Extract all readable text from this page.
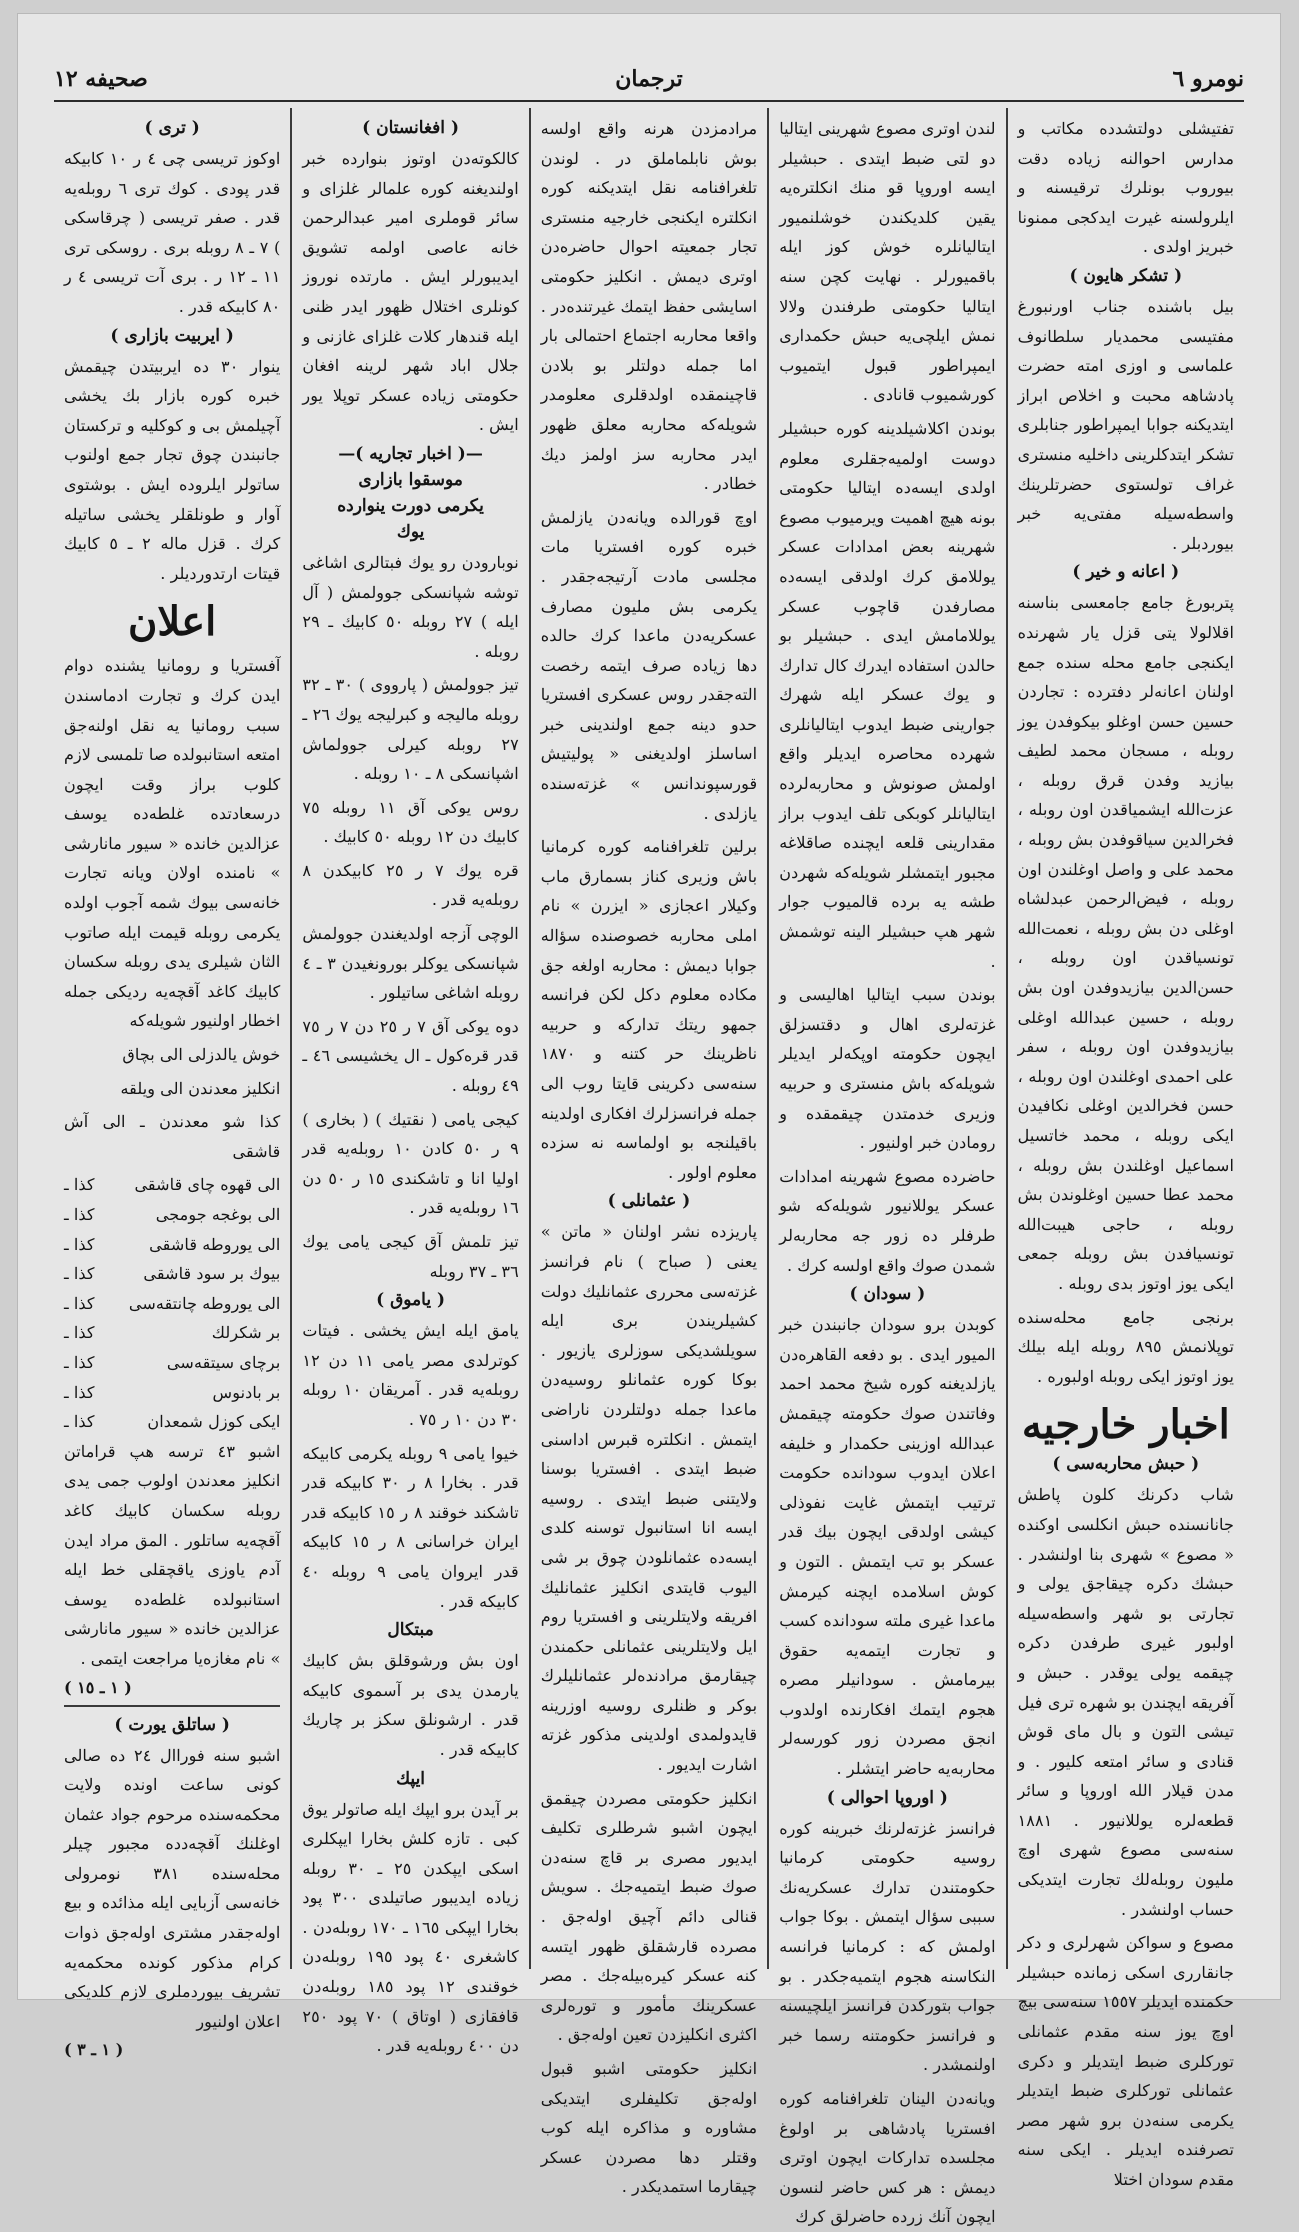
نومرو ٦
ترجمان
صحيفه ١٢

تفتيشلی دولتشدده مكاتب و مدارس احوالنه زياده دقت بيوروب بونلرك ترقيسنه و ايلرولسنه غيرت ايدكجی ممنونا خبريز اولدی .

( تشكر هايون )

بيل باشنده جناب اورنبورغ مفتيسی محمديار سلطانوف علماسی و اوزی امته حضرت پادشاهه محبت و اخلاص ابراز ايتديكنه جوابا ايمپراطور جنابلری تشكر ايتدكلرينی داخليه منستری غراف تولستوی حضرتلرينك واسطه‌سيله مفتی‌يه خبر بيوردبلر .

( اعانه و خير )

پتربورغ جامع جامعسی بناسنه اقلالولا يتی قزل يار شهرنده ايكنجی جامع محله سنده جمع اولنان اعانه‌لر دفترده : تجاردن حسين حسن اوغلو بيكوفدن يوز روبله ، مسجان محمد لطيف بيازيد وفدن قرق روبله ، عزت‌الله ايشمياقدن اون روبله ، فخرالدين سياقوفدن بش روبله ، محمد علی و واصل اوغلندن اون روبله ، فيض‌الرحمن عبدلشاه اوغلی دن بش روبله ، نعمت‌الله تونسياقدن اون روبله ، حسن‌الدين بيازيدوفدن اون بش روبله ، حسين عبدالله اوغلی بيازيدوفدن اون روبله ، سفر علی احمدی اوغلندن اون روبله ، حسن فخرالدين اوغلی نكافيدن ايكی روبله ، محمد خاتسيل اسماعيل اوغلندن بش روبله ، محمد عطا حسين اوغلوندن بش روبله ، حاجی هيبت‌الله تونسيافدن بش روبله جمعی ايكی يوز اوتوز بدی روبله .

برنجی جامع محله‌سنده توپلانمش ٨٩٥ روبله ايله بيلك يوز اوتوز ايكی روبله اولبوره .

اخبار خارجيه
( حبش محاربه‌سی )

شاب دكرنك كلون پاطش جانانسنده حبش انكلسی اوكنده « مصوع » شهری بنا اولنشدر . حبشك دكره چيقاجق يولی و تجارتی بو شهر واسطه‌سيله اولبور غيری طرفدن دكره چيقمه يولی يوقدر . حبش و آفريقه ايچندن بو شهره تری فيل تيشی التون و بال مای قوش قنادی و سائر امتعه كليور . و مدن قيلار الله اوروپا و سائر قطعه‌لره يوللانيور . ١٨٨١ سنه‌سی مصوع شهری اوچ مليون روبله‌لك تجارت ايتديكی حساب اولنشدر .

مصوع و سواكن شهرلری و دكر جانقارری اسكی زمانده حبشيلر حكمنده ايديلر ١٥٥٧ سنه‌سی بيچ اوچ يوز سنه مقدم عثمانلی توركلری ضبط ايتديلر و دكری عثمانلی توركلری ضبط ايتديلر يكرمی سنه‌دن برو شهر مصر تصرفنده ايديلر . ايكی سنه مقدم سودان اختلا

لندن اوتری مصوع شهرينی ايتاليا دو لتی ضبط ايتدی . حبشيلر ايسه اوروپا قو منك انكلتره‌يه يقين كلديكندن خوشلنميور ايتاليانلره خوش كوز ايله باقميورلر . نهايت كچن سنه ايتاليا حكومتی طرفندن ولالا نمش ايلچی‌يه حبش حكمدارى ايمپراطور قبول ايتميوب كورشميوب قانادی .

بوندن اكلاشيلدينه كوره حبشيلر دوست اولميه‌جقلری معلوم اولدی ايسه‌ده ايتاليا حكومتی بونه هيچ اهميت ويرميوب مصوع شهرينه بعض امدادات عسكر يوللامق كرك اولدقی ايسه‌ده مصارفدن قاچوب عسكر يوللامامش ايدی . حبشيلر بو حالدن استفاده ايدرك كال تدارك و يوك عسكر ايله شهرك جوارينی ضبط ايدوب ايتاليانلری شهرده محاصره ايديلر واقع اولمش صونوش و محاربه‌لرده ايتاليانلر كوبكی تلف ايدوب براز مقدارينی قلعه ايچنده صاقلاغه مجبور ايتمشلر شويله‌كه شهردن طشه يه برده قالميوب جوار شهر هپ حبشيلر الينه توشمش .

بوندن سبب ايتاليا اهاليسی و غزته‌لری اهال و دقتسزلق ايچون حكومته اوپكه‌لر ايديلر شويله‌كه باش منستری و حربيه وزيری خدمتدن چيقمقده و رومادن خبر اولنيور .

حاضرده مصوع شهرينه امدادات عسكر يوللانيور شويله‌كه شو طرفلر ده زور جه محاربه‌لر شمدن صوك واقع اولسه كرك .

( سودان )

كوبدن برو سودان جانبندن خبر الميور ايدی . بو دفعه القاهره‌دن يازلديغنه كوره شيخ محمد احمد وفاتندن صوك حكومته چيقمش عبدالله اوزينی حكمدار و خليفه اعلان ايدوب سودانده حكومت ترتيب ايتمش غايت نفوذلی كيشی اولدقی ايچون بيك قدر عسكر بو تب ايتمش . التون و كوش اسلامده ايچنه كيرمش ماعدا غيری ملته سودانده كسب و تجارت ايتمه‌يه حقوق بيرمامش . سودانيلر مصره هجوم ايتمك افكارنده اولدوب انجق مصردن زور كورسه‌لر محاربه‌يه حاضر ايتشلر .

( اوروپا احوالی )

فرانسز غزته‌لرنك خبرينه كوره روسيه حكومتی كرمانيا حكومتندن تدارك عسكريه‌نك سببی سؤال ايتمش . بوكا جواب اولمش كه : كرمانيا فرانسه النكاسنه هجوم ايتميه‌جكدر . بو جواب بتوركدن فرانسز ايلچيسنه و فرانسز حكومتنه رسما خبر اولنمشدر .

ويانه‌دن الينان تلغرافنامه كوره افستريا پادشاهی بر اولوغ مجلسده تداركات ايچون اوتری ديمش : هر كس حاضر لنسون ايچون آنك زرده حاضرلق كرك

مرادمزدن هرنه واقع اولسه بوش نابلماملق در . لوندن تلغرافنامه نقل ايتديكنه كوره انكلتره ايكنجی خارجيه منستری تجار جمعيته احوال حاضره‌دن اوتری ديمش . انكليز حكومتی اسايشی حفظ ايتمك غيرتنده‌در . واقعا محاربه اجتماع احتمالی بار اما جمله دولتلر بو بلادن قاچينمقده اولدقلری معلومدر شويله‌كه محاربه معلق ظهور ايدر محاربه سز اولمز ديك خطادر .

اوچ قورالده ويانه‌دن يازلمش خبره كوره افستريا مات مجلسی مادت آرتيجه‌جقدر . يكرمی بش مليون مصارف عسكريه‌دن ماعدا كرك حالده دها زياده صرف ايتمه رخصت الته‌جقدر روس عسكری افستريا حدو دينه جمع اولندينی خبر اساسلز اولديغنی « پوليتيش قورسپوندانس » غزته‌سنده يازلدی .

برلين تلغرافنامه كوره كرمانيا باش وزيری كناز بسمارق ماب وكيلار اعجازی « ايزرن » نام املی محاربه خصوصنده سؤاله جوابا ديمش : محاربه اولغه جق مكاده معلوم دكل لكن فرانسه جمهو ريتك تداركه و حربيه ناظرينك حر كتنه و ١٨٧٠ سنه‌سی دكرينی قايتا روب الی جمله فرانسزلرك افكاری اولدينه باقيلنجه بو اولماسه نه سزده معلوم اولور .

( عثمانلی )

پاريزده نشر اولنان « ماتن » يعنی ( صباح ) نام فرانسز غزته‌سی محرری عثمانليك دولت كشيلريندن بری ايله سويلشديكی سوزلری يازيور . بوكا كوره عثمانلو روسيه‌دن ماعدا جمله دولتلردن ناراضی ايتمش . انكلتره قبرس اداسنی ضبط ايتدی . افستريا بوسنا ولايتنی ضبط ايتدی . روسيه ايسه انا استانبول توسنه كلدی ايسه‌ده عثمانلودن چوق بر شی اليوب قايتدی انكليز عثمانليك افريقه ولايتلرينی و افستريا روم ايل ولايتلرينی عثمانلی حكمندن چيقارمق مرادنده‌لر عثمانليلرك بوكر و ظنلری روسيه اوزرينه قايدولمدی اولدينی مذكور غزته اشارت ايديور .

انكليز حكومتی مصردن چيقمق ايچون اشبو شرطلری تكليف ايديور مصری بر قاچ سنه‌دن صوك ضبط ايتميه‌جك . سويش قنالی دائم آچيق اوله‌جق . مصرده قارشقلق ظهور ايتسه كنه عسكر كيره‌بيله‌جك . مصر عسكرينك مأمور و توره‌لری اكثری انكليزدن تعين اوله‌جق .

انكليز حكومتی اشبو قبول اوله‌جق تكليفلری ايتديكی مشاوره و مذاكره ايله كوب وقتلر دها مصردن عسكر چيقارما استمديكدر .

( افغانستان )

كالكوته‌دن اوتوز بنوارده خبر اولنديغنه كوره علمالر غلزای و سائر قوملری امير عبدالرحمن خانه عاصی اولمه تشويق ايديبورلر ايش . مارتده نوروز كونلری اختلال ظهور ايدر ظنی ايله قندهار كلات غلزای غازنی و جلال اباد شهر لرينه افغان حكومتی زياده عسكر توپلا يور ايش .

—( اخبار تجاريه )—
موسقوا بازاری
يكرمی دورت ينوارده
يوك

نوبارودن رو يوك فبتالرى اشاغی توشه شپانسكی جوولمش ( آل ايله ) ٢٧ روبله ٥٠ كابيك ـ ٢٩ روبله .

تيز جوولمش ( پارووی ) ٣٠ ـ ٣٢ روبله ماليجه و كبرليجه يوك ٢٦ ـ ٢٧ روبله كيرلی جوولماش اشپانسكی ٨ ـ ١٠ روبله .

روس يوكی آق ١١ روبله ٧٥ كابيك دن ١٢ روبله ٥٠ كابيك .

قره يوك ٧ ر ٢٥ كابيكدن ٨ روبله‌يه قدر .

الوچی آزجه اولديغندن جوولمش شپانسكی يوكلر بورونغيدن ٣ ـ ٤ روبله اشاغی ساتيلور .

دوه يوكی آق ٧ ر ٢٥ دن ٧ ر ٧٥ قدر قره‌كول ـ ال يخشيسی ٤٦ ـ ٤٩ روبله .

كيجی يامی ( نقتيك ) ( بخاری ) ٩ ر ٥٠ كادن ١٠ روبله‌يه قدر اوليا انا و تاشكندی ١٥ ر ٥٠ دن ١٦ روبله‌يه قدر .

تيز تلمش آق كيجی يامی يوك ٣٦ ـ ٣٧ روبله

( ياموق )

يامق ايله ايش يخشی . فيتات كوترلدی مصر يامی ١١ دن ١٢ روبله‌يه قدر . آمريقان ١٠ روبله ٣٠ دن ١٠ ر ٧٥ .

خيوا يامی ٩ روبله يكرمی كابيكه قدر . بخارا ٨ ر ٣٠ كابيكه قدر تاشكند خوقند ٨ ر ١٥ كابيكه قدر ايران خراسانی ٨ ر ١٥ كابيكه قدر ايروان يامی ٩ روبله ٤٠ كابيكه قدر .

مبتكال

اون بش ورشوقلق بش كابيك يارمدن يدی بر آسموی كابيكه قدر . ارشونلق سكز بر چاريك كابيكه قدر .

ايپك

بر آيدن برو ايپك ايله صاتولر يوق كبی . تازه كلش بخارا ايپكلری اسكی ايپكدن ٢٥ ـ ٣٠ روبله زياده ايديبور صاتيلدی ٣٠٠ پود بخارا ايپكی ١٦٥ ـ ١٧٠ روبله‌دن . كاشغری ٤٠ پود ١٩٥ روبله‌دن خوقندی ١٢ پود ١٨٥ روبله‌دن قافقازی ( اوتاق ) ٧٠ پود ٢٥٠ دن ٤٠٠ روبله‌يه قدر .

( تری )

اوكوز تريسی چی ٤ ر ١٠ كابيكه قدر پودی . كوك تری ٦ روبله‌يه قدر . صفر تريسی ( چرقاسكی ) ٧ ـ ٨ روبله بری . روسكی تری ١١ ـ ١٢ ر . بری آت تريسی ٤ ر ٨٠ كابيكه قدر .

( ايربيت بازاری )

ينوار ٣٠ ده ايربيتدن چيقمش خبره كوره بازار بك يخشی آچيلمش بی و كوكليه و تركستان جانبندن چوق تجار جمع اولنوب ساتولر ايلروده ايش . بوشتوی آوار و طونلقلر يخشی ساتيله كرك . قزل ماله ٢ ـ ٥ كابيك قيتات ارتدورديلر .

اعلان

آفستريا و رومانيا يشنده دوام ايدن كرك و تجارت ادماسندن سبب رومانيا يه نقل اولنه‌جق امتعه استانبولده صا تلمسی لازم كلوب براز وقت ايچون درسعادتده غلطه‌ده يوسف عزالدين خانده « سيور مانارشی » نامنده اولان ويانه تجارت خانه‌سی بيوك شمه آجوب اولده يكرمی روبله قيمت ايله صاتوب الثان شيلری يدی روبله سكسان كابيك كاغد آقچه‌يه رديكی جمله اخطار اولنيور شويله‌كه

خوش يالدزلی الی بچاق

انكليز معدندن الی ويلقه

كذا شو معدندن ـ الی آش قاشقی

الی قهوه چای قاشقی
كذا ـ
الی بوغجه جومجی
كذا ـ
الی يوروطه قاشقی
كذا ـ
بيوك بر سود قاشقی
كذا ـ
الی يوروطه چانتقه‌سی
كذا ـ
بر شكرلك
كذا ـ
برچای سيتقه‌سی
كذا ـ
بر بادنوس
كذا ـ
ايكی كوزل شمعدان
كذا ـ

اشبو ٤٣ ترسه هپ قراماتن انكليز معدندن اولوب جمی يدی روبله سكسان كابيك كاغد آقچه‌يه ساتلور . المق مراد ايدن آدم ياوزی ياقچقلی خط ايله استانبولده غلطه‌ده يوسف عزالدين خانده « سيور مانارشی » نام مغازه‌يا مراجعت ايتمی .

( ١ ـ ١٥ )
( ساتلق يورت )

اشبو سنه فوراال ٢٤ ده صالی كونی ساعت اونده ولايت محكمه‌سنده مرحوم جواد عثمان اوغلنك آقچه‌دده مجبور چيلر محله‌سنده ٣٨١ نومرولی خانه‌سی آزبايی ايله مذائده و بيع اوله‌جقدر مشتری اوله‌جق ذوات كرام مذكور كونده محكمه‌يه تشريف بيوردملری لازم كلديكی اعلان اولنيور

( ١ ـ ٣ )
